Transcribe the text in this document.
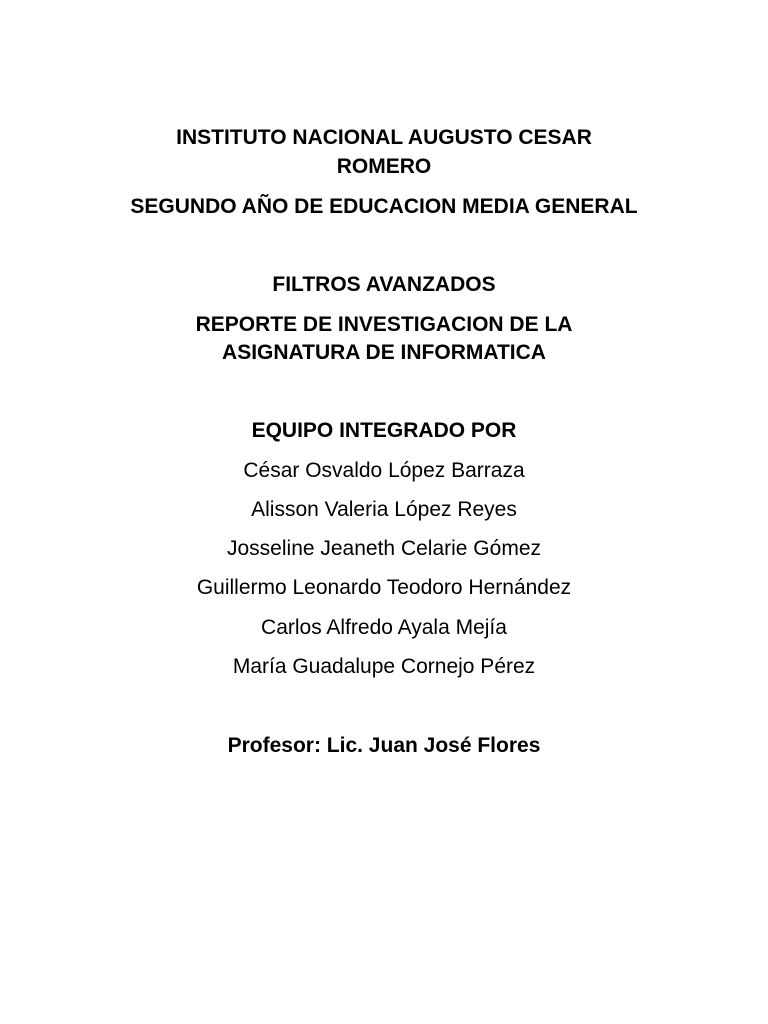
INSTITUTO NACIONAL AUGUSTO CESAR
ROMERO
SEGUNDO AÑO DE EDUCACION MEDIA GENERAL
FILTROS AVANZADOS
REPORTE DE INVESTIGACION DE LA
ASIGNATURA DE INFORMATICA
EQUIPO INTEGRADO POR
César Osvaldo López Barraza
Alisson Valeria López Reyes
Josseline Jeaneth Celarie Gómez
Guillermo Leonardo Teodoro Hernández
Carlos Alfredo Ayala Mejía
María Guadalupe Cornejo Pérez
Profesor: Lic. Juan José Flores
